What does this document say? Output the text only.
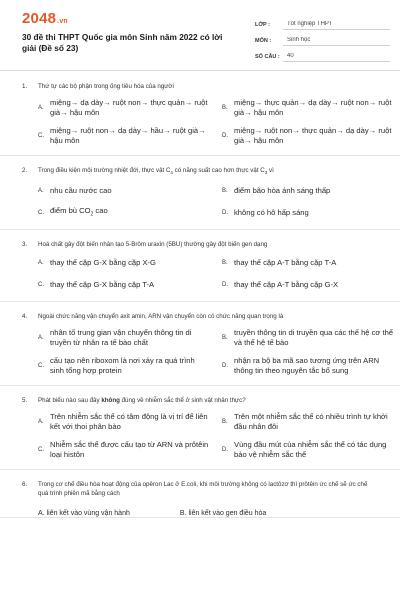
2048.vn
30 đề thi THPT Quốc gia môn Sinh năm 2022 có lời giải (Đề số 23)
LỚP :	Tốt nghiệp THPT
MÔN :	Sinh học
SỐ CÂU :	40
1.	Thứ tự các bộ phận trong ống tiêu hóa của người
A.
miệng→ dạ dày→ ruột non→ thực quản→ ruột già→ hậu môn	B.
miệng→ thực quản→ dạ dày→ ruột non→ ruột già→ hậu môn
C.
miệng→ ruột non→ dạ dày→ hầu→ ruột già→ hậu môn	D.
miệng→ ruột non→ thực quản→ dạ dày→ ruột già→ hậu môn
2.	Trong điều kiện môi trường nhiệt đới, thực vật $C_4$ có năng suất cao hơn thực vật $C_3$ vì
A. nhu cầu nước cao	B. điểm bão hòa ánh sáng thấp
C. điểm bù $CO_2$ cao	D. không có hô hấp sáng
3.	Hoá chất gây đột biến nhân tạo 5-Brôm uraxin (5BU) thường gây đột biến gen dạng
A. thay thế cặp G-X bằng cặp X-G	B. thay thế cặp A-T bằng cặp T-A
C. thay thế cặp G-X bằng cặp T-A	D. thay thế cặp A-T bằng cặp G-X
4.	Ngoài chức năng vận chuyển axit amin, ARN vận chuyển còn có chức năng quan trọng là
A.
nhân tố trung gian vận chuyển thông tin di truyền từ nhân ra tế bào chất	B.
truyền thông tin di truyền qua các thế hệ cơ thể và thế hệ tế bào
C.
cấu tạo nên riboxom là nơi xảy ra quá trình sinh tổng hợp protein	D.
nhận ra bộ ba mã sao tương ứng trên ARN thông tin theo nguyên tắc bổ sung
5.	Phát biểu nào sau đây không đúng về nhiễm sắc thể ở sinh vật nhân thực?
A.
Trên nhiễm sắc thể có tâm động là vị trí để liên kết với thoi phân bào	B.
Trên một nhiễm sắc thể có nhiều trình tự khởi đầu nhân đôi
C.
Nhiễm sắc thể được cấu tạo từ ARN và prôtêin loại histôn	D.
Vùng đầu mút của nhiễm sắc thể có tác dụng bảo vệ nhiễm sắc thể
6.	Trong cơ chế điều hòa hoạt động của opêron Lac ở E.coli, khi môi trường không có lactôzơ thì prôtêin ức chế sẽ ức chế quá trình phiên mã bằng cách
A. liên kết vào vùng vận hành	B. liên kết vào gen điều hòa
